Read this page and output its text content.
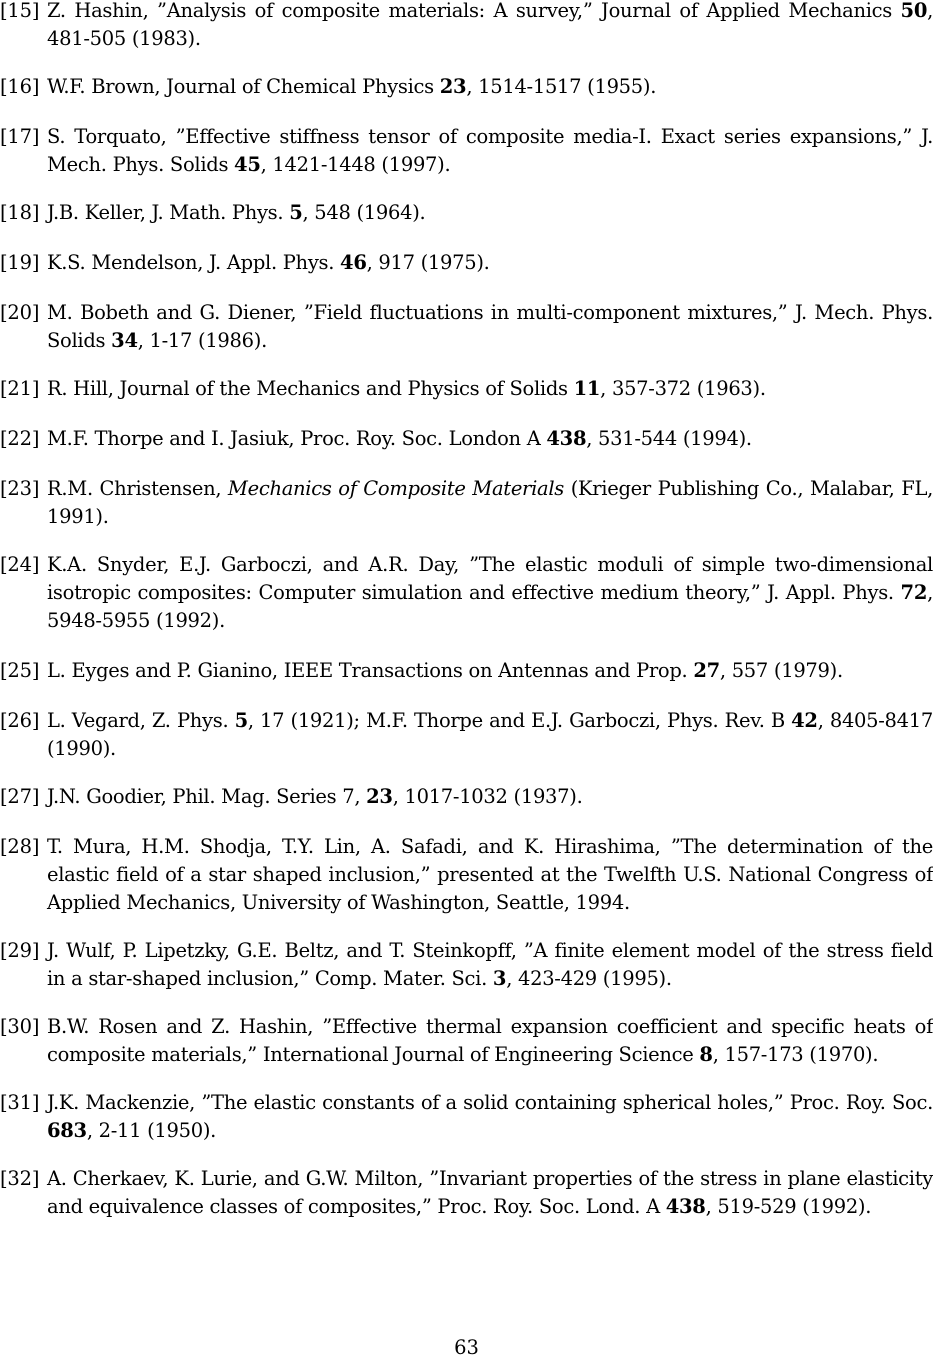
[15] Z. Hashin, ”Analysis of composite materials: A survey,” Journal of Applied Mechanics 50, 481-505 (1983).
[16] W.F. Brown, Journal of Chemical Physics 23, 1514-1517 (1955).
[17] S. Torquato, ”Effective stiffness tensor of composite media-I. Exact series expansions,” J. Mech. Phys. Solids 45, 1421-1448 (1997).
[18] J.B. Keller, J. Math. Phys. 5, 548 (1964).
[19] K.S. Mendelson, J. Appl. Phys. 46, 917 (1975).
[20] M. Bobeth and G. Diener, ”Field fluctuations in multi-component mixtures,” J. Mech. Phys. Solids 34, 1-17 (1986).
[21] R. Hill, Journal of the Mechanics and Physics of Solids 11, 357-372 (1963).
[22] M.F. Thorpe and I. Jasiuk, Proc. Roy. Soc. London A 438, 531-544 (1994).
[23] R.M. Christensen, Mechanics of Composite Materials (Krieger Publishing Co., Malabar, FL, 1991).
[24] K.A. Snyder, E.J. Garboczi, and A.R. Day, ”The elastic moduli of simple two-dimensional isotropic composites: Computer simulation and effective medium theory,” J. Appl. Phys. 72, 5948-5955 (1992).
[25] L. Eyges and P. Gianino, IEEE Transactions on Antennas and Prop. 27, 557 (1979).
[26] L. Vegard, Z. Phys. 5, 17 (1921); M.F. Thorpe and E.J. Garboczi, Phys. Rev. B 42, 8405-8417 (1990).
[27] J.N. Goodier, Phil. Mag. Series 7, 23, 1017-1032 (1937).
[28] T. Mura, H.M. Shodja, T.Y. Lin, A. Safadi, and K. Hirashima, ”The determination of the elastic field of a star shaped inclusion,” presented at the Twelfth U.S. National Congress of Applied Mechanics, University of Washington, Seattle, 1994.
[29] J. Wulf, P. Lipetzky, G.E. Beltz, and T. Steinkopff, ”A finite element model of the stress field in a star-shaped inclusion,” Comp. Mater. Sci. 3, 423-429 (1995).
[30] B.W. Rosen and Z. Hashin, ”Effective thermal expansion coefficient and specific heats of composite materials,” International Journal of Engineering Science 8, 157-173 (1970).
[31] J.K. Mackenzie, ”The elastic constants of a solid containing spherical holes,” Proc. Roy. Soc. 683, 2-11 (1950).
[32] A. Cherkaev, K. Lurie, and G.W. Milton, ”Invariant properties of the stress in plane elasticity and equivalence classes of composites,” Proc. Roy. Soc. Lond. A 438, 519-529 (1992).
63
